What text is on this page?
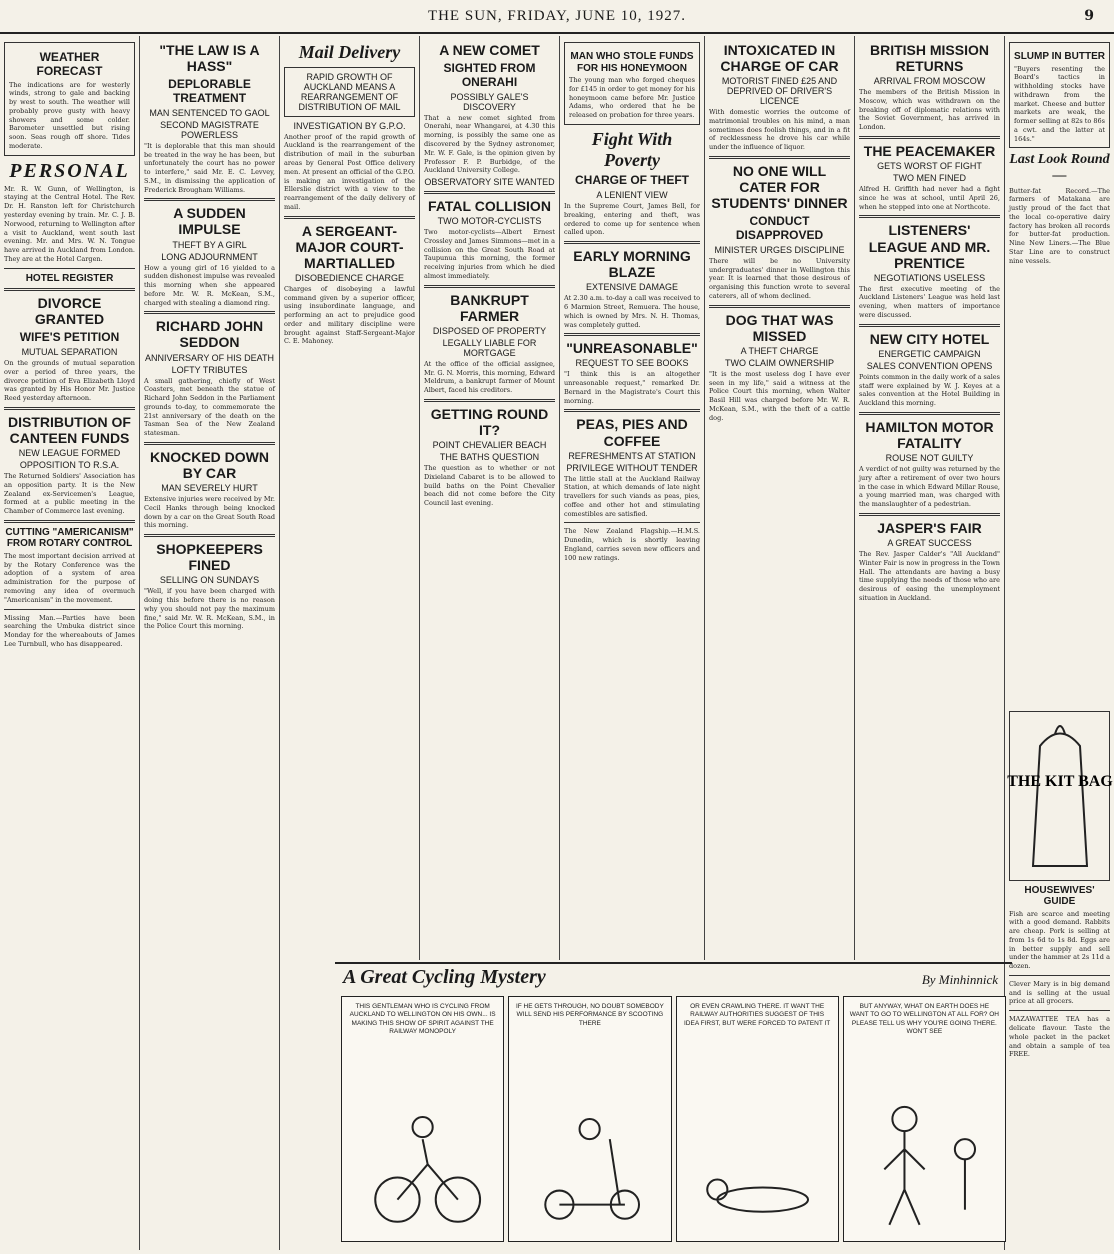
THE SUN, FRIDAY, JUNE 10, 1927.	9
WEATHER FORECAST
The indications are for westerly winds, strong to gale and backing by west to south. The weather will probably prove gusty with heavy showers and some colder. Barometer unsettled but rising soon. Seas rough off shore. Tides moderate.
PERSONAL
Mr. R. W. Gunn, of Wellington, is staying at the Central Hotel. The Rev. Dr. H. Ranston left for Christchurch yesterday evening by train. Mr. C. J. B. Norwood, returning to Wellington after a visit to Auckland, went south last evening. Mr. and Mrs. W. N. Tongue have arrived in Auckland from London. They are at the Hotel Cargen.
HOTEL REGISTER
DIVORCE GRANTED
WIFE'S PETITION
MUTUAL SEPARATION
On the grounds of mutual separation over a period of three years, the divorce petition of Eva Elizabeth Lloyd was granted by His Honor Mr. Justice Reed yesterday afternoon.
DISTRIBUTION OF CANTEEN FUNDS
NEW LEAGUE FORMED
OPPOSITION TO R.S.A.
The Returned Soldiers' Association has an opposition party. It is the New Zealand ex-Servicemen's League, formed at a public meeting in the Chamber of Commerce last evening.
CUTTING "AMERICANISM" FROM ROTARY CONTROL
The most important decision arrived at by the Rotary Conference was the adoption of a system of area administration for the purpose of removing any idea of overmuch "Americanism" in the movement.
Missing Man.—Parties have been searching the Umbuka district since Monday for the whereabouts of James Lee Turnbull, who has disappeared.
"THE LAW IS A HASS"
DEPLORABLE TREATMENT
MAN SENTENCED TO GAOL
SECOND MAGISTRATE POWERLESS
"It is deplorable that this man should be treated in the way he has been, but unfortunately the court has no power to interfere," said Mr. E. C. Levvey, S.M., in dismissing the application of Frederick Brougham Williams.
A SUDDEN IMPULSE
THEFT BY A GIRL
LONG ADJOURNMENT
How a young girl of 16 yielded to a sudden dishonest impulse was revealed this morning when she appeared before Mr. W. R. McKean, S.M., charged with stealing a diamond ring.
RICHARD JOHN SEDDON
ANNIVERSARY OF HIS DEATH
LOFTY TRIBUTES
A small gathering, chiefly of West Coasters, met beneath the statue of Richard John Seddon in the Parliament grounds to-day, to commemorate the 21st anniversary of the death on the Tasman Sea of the New Zealand statesman.
KNOCKED DOWN BY CAR
MAN SEVERELY HURT
Extensive injuries were received by Mr. Cecil Hanks through being knocked down by a car on the Great South Road this morning.
SHOPKEEPERS FINED
SELLING ON SUNDAYS
"Well, if you have been charged with doing this before there is no reason why you should not pay the maximum fine," said Mr. W. R. McKean, S.M., in the Police Court this morning.
Mail Delivery
RAPID GROWTH OF AUCKLAND MEANS A REARRANGEMENT OF DISTRIBUTION OF MAIL
INVESTIGATION BY G.P.O.
Another proof of the rapid growth of Auckland is the rearrangement of the distribution of mail in the suburban areas by General Post Office delivery men. At present an official of the G.P.O. is making an investigation of the Ellerslie district with a view to the rearrangement of the daily delivery of mail.
A SERGEANT-MAJOR COURT-MARTIALLED
DISOBEDIENCE CHARGE
Charges of disobeying a lawful command given by a superior officer, using insubordinate language, and performing an act to prejudice good order and military discipline were brought against Staff-Sergeant-Major C. E. Mahoney.
A NEW COMET
SIGHTED FROM ONERAHI
POSSIBLY GALE'S DISCOVERY
That a new comet sighted from Onerahi, near Whangarei, at 4.30 this morning, is possibly the same one as discovered by the Sydney astronomer, Mr. W. F. Gale, is the opinion given by Professor F. P. Burbidge, of the Auckland University College.
OBSERVATORY SITE WANTED
FATAL COLLISION
TWO MOTOR-CYCLISTS
Two motor-cyclists—Albert Ernest Crossley and James Simmons—met in a collision on the Great South Road at Taupunua this morning, the former receiving injuries from which he died almost immediately.
BANKRUPT FARMER
DISPOSED OF PROPERTY
LEGALLY LIABLE FOR MORTGAGE
At the office of the official assignee, Mr. G. N. Morris, this morning, Edward Meldrum, a bankrupt farmer of Mount Albert, faced his creditors.
GETTING ROUND IT?
POINT CHEVALIER BEACH
THE BATHS QUESTION
The question as to whether or not Dixieland Cabaret is to be allowed to build baths on the Point Chevalier beach did not come before the City Council last evening.
MAN WHO STOLE FUNDS FOR HIS HONEYMOON
The young man who forged cheques for £145 in order to get money for his honeymoon came before Mr. Justice Adams, who ordered that he be released on probation for three years.
Fight With Poverty
CHARGE OF THEFT
A LENIENT VIEW
In the Supreme Court, James Bell, for breaking, entering and theft, was ordered to come up for sentence when called upon.
EARLY MORNING BLAZE
EXTENSIVE DAMAGE
At 2.30 a.m. to-day a call was received to 6 Marmion Street, Remuera. The house, which is owned by Mrs. N. H. Thomas, was completely gutted.
"UNREASONABLE"
REQUEST TO SEE BOOKS
"I think this is an altogether unreasonable request," remarked Dr. Bernard in the Magistrate's Court this morning.
PEAS, PIES AND COFFEE
REFRESHMENTS AT STATION
PRIVILEGE WITHOUT TENDER
The little stall at the Auckland Railway Station, at which demands of late night travellers for such viands as peas, pies, coffee and other hot and stimulating comestibles are satisfied.
The New Zealand Flagship.—H.M.S. Dunedin, which is shortly leaving England, carries seven new officers and 100 new ratings.
INTOXICATED IN CHARGE OF CAR
MOTORIST FINED £25 AND DEPRIVED OF DRIVER'S LICENCE
With domestic worries the outcome of matrimonial troubles on his mind, a man sometimes does foolish things, and in a fit of recklessness he drove his car while under the influence of liquor.
NO ONE WILL CATER FOR STUDENTS' DINNER
CONDUCT DISAPPROVED
MINISTER URGES DISCIPLINE
There will be no University undergraduates' dinner in Wellington this year. It is learned that those desirous of organising this function wrote to several caterers, all of whom declined.
DOG THAT WAS MISSED
A THEFT CHARGE
TWO CLAIM OWNERSHIP
"It is the most useless dog I have ever seen in my life," said a witness at the Police Court this morning, when Walter Basil Hill was charged before Mr. W. R. McKean, S.M., with the theft of a cattle dog.
BRITISH MISSION RETURNS
ARRIVAL FROM MOSCOW
The members of the British Mission in Moscow, which was withdrawn on the breaking off of diplomatic relations with the Soviet Government, has arrived in London.
THE PEACEMAKER
GETS WORST OF FIGHT
TWO MEN FINED
Alfred H. Griffith had never had a fight since he was at school, until April 26, when he stepped into one at Northcote.
LISTENERS' LEAGUE AND MR. PRENTICE
NEGOTIATIONS USELESS
The first executive meeting of the Auckland Listeners' League was held last evening, when matters of importance were discussed.
NEW CITY HOTEL
ENERGETIC CAMPAIGN
SALES CONVENTION OPENS
Points common in the daily work of a sales staff were explained by W. J. Keyes at a sales convention at the Hotel Building in Auckland this morning.
HAMILTON MOTOR FATALITY
ROUSE NOT GUILTY
A verdict of not guilty was returned by the jury after a retirement of over two hours in the case in which Edward Millar Rouse, a young married man, was charged with the manslaughter of a pedestrian.
JASPER'S FAIR
A GREAT SUCCESS
The Rev. Jasper Calder's "All Auckland" Winter Fair is now in progress in the Town Hall. The attendants are having a busy time supplying the needs of those who are desirous of easing the unemployment situation in Auckland.
SLUMP IN BUTTER
"Buyers resenting the Board's tactics in withholding stocks have withdrawn from the market. Cheese and butter markets are weak, the former selling at 82s to 86s a cwt. and the latter at 164s."
Last Look Round—
Butter-fat Record.—The farmers of Matakana are justly proud of the fact that the local co-operative dairy factory has broken all records for butter-fat production. Nine New Liners.—The Blue Star Line are to construct nine vessels.
THE KIT BAG
HOUSEWIVES' GUIDE
Fish are scarce and meeting with a good demand. Rabbits are cheap. Pork is selling at from 1s 6d to 1s 8d. Eggs are in better supply and sell under the hammer at 2s 11d a dozen.
Clever Mary is in big demand and is selling at the usual price at all grocers.
MAZAWATTEE TEA has a delicate flavour. Taste the whole packet in the packet and obtain a sample of tea FREE.
A Great Cycling Mystery	By Minhinnick
THIS GENTLEMAN WHO IS CYCLING FROM AUCKLAND TO WELLINGTON ON HIS OWN... IS MAKING THIS SHOW OF SPIRIT AGAINST THE RAILWAY MONOPOLY
IF HE GETS THROUGH, NO DOUBT SOMEBODY WILL SEND HIS PERFORMANCE BY SCOOTING THERE
OR EVEN CRAWLING THERE. IT WANT THE RAILWAY AUTHORITIES SUGGEST OF THIS IDEA FIRST, BUT WERE FORCED TO PATENT IT
BUT ANYWAY, WHAT ON EARTH DOES HE WANT TO GO TO WELLINGTON AT ALL FOR? OH PLEASE TELL US WHY YOU'RE GOING THERE. WON'T SEE
